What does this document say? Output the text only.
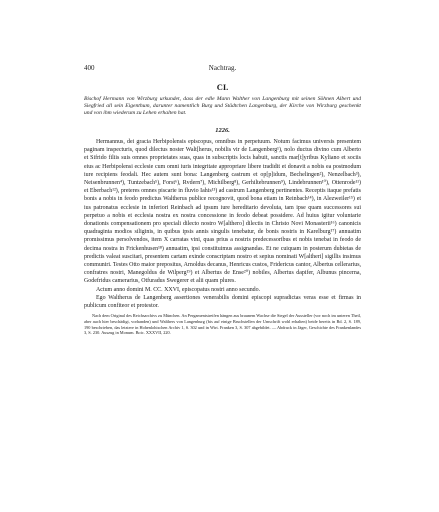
400	Nachtrag.
CI.
Bischof Hermann von Wirzburg urkundet, dass der edle Mann Walther von Langenburg mit seinen Söhnen Albert und Siegfried all sein Eigenthum, darunter namentlich Burg und Städtchen Langenburg, der Kirche von Wirzburg geschenkt und von ihm wiederum zu Lehen erhalten hat.
1226.

Hermannus, dei gracia Herbipolensis episcopus, omnibus in perpetuum. Notum facimus universis presentem paginam inspecturis, quod dilectus noster Walt[herus, nobilis vir de Langenberg¹), nolo ductus divino cum Alberto et Sifrido filiis suis omnes proprietates suas, quas in subscriptis locis habuit, sanctis mar[t]yribus Kyliano et sociis eius ac Herbipolensi ecclesie cum omni iuris integritate appropriare libere tradidit et donavit a nobis ea postmodum iure recipiens feodali. Hec autem sunt bona: Langenberg castrum et op[p]idum, Bechelingen²), Nenzelbach³), Neisenbrunnen⁴), Tuntzebach⁵), Forst⁶), Rvdern⁷), Michilberg⁸), Gerhiltebrunnen⁹), Lindebrunnen¹⁰), Ottenrode¹¹) et Eberbach¹²), preteres omnes piscarie in fluvio Iahis¹³) ad castrum Langenberg pertinentes. Receptis itaque prefatis bonis a nobis in feodo predictus Waltherus publice recognovit, quod bona etiam in Reinbach¹⁴), in Alezweiler¹⁵) et ius patronatus ecclesie in inferiori Reinbach ad ipsum iure hereditario devoluta, tam ipse quam successores sui perpetuo a nobis et ecclesia nostra ex nostra concessione in feodo debeat possidere. Ad huius igitur voluntarie donationis compensationem pro speciali dilecto nostro W[althero] dilectis in Christo Novi Monasterii¹⁶) canonicis quadraginta modios siliginis, in quibus ipsis annis singulis tenebatur, de bonis nostris in Karelburg¹⁷) annuatim promissimus persolvendos, item X carratas vini, quas prius a nostris predecessoribus et nobis tenebat in feodo de decima nostra in Frickenhusen¹⁸) annuatim, ipsi constituimus assignandas. Et ne cuiquam in posterum dubietas de predictis valeat suscitari, presentem cartam exinde conscriptam nostro et sepius nominati W[altheri] sigillis insimus communiri. Testes Otto maior prepositus, Arnoldus decanus, Henricus custos, Fridericus cantor, Albertus cellerarius, confratres nostri, Manegoldus de Wilperg¹⁹) et Albertus de Ense²⁰) nobiles, Albertus dapifer, Albunus pincerna, Godefridus camerarius, Otfuradus Swegerer et alii quam plures.

Actum anno domini M. CC. XXVI, episcopatus nostri anno secundo.

Ego Waltherus de Langenberg assertiones venerabilis domini episcopi supradictas veras esse et firmas in publicum confiteor et protestor.

Nach dem Original des Reichsarchivs zu München. An Pergamentstreifen hängen aus braunem Wachse die Siegel der Aussteller (vor noch im unteren Theil, aber auch hier beschädigt, vorhanden) und Walthers von Langenburg (bis auf einige Bruchstellen der Umschrift wohl erhalten) beide bereits in Bd. 2, S. 189, 190 beschrieben, das letztere in Hohenlohischen Archiv 1, S. 302 und in Wirt. Franken 3, S. 307 abgebildet. — Abdruck in Jäger, Geschichte des Frankenlandes 3, S. 230. Auszug in Monum. Boic. XXXVII, 220.
